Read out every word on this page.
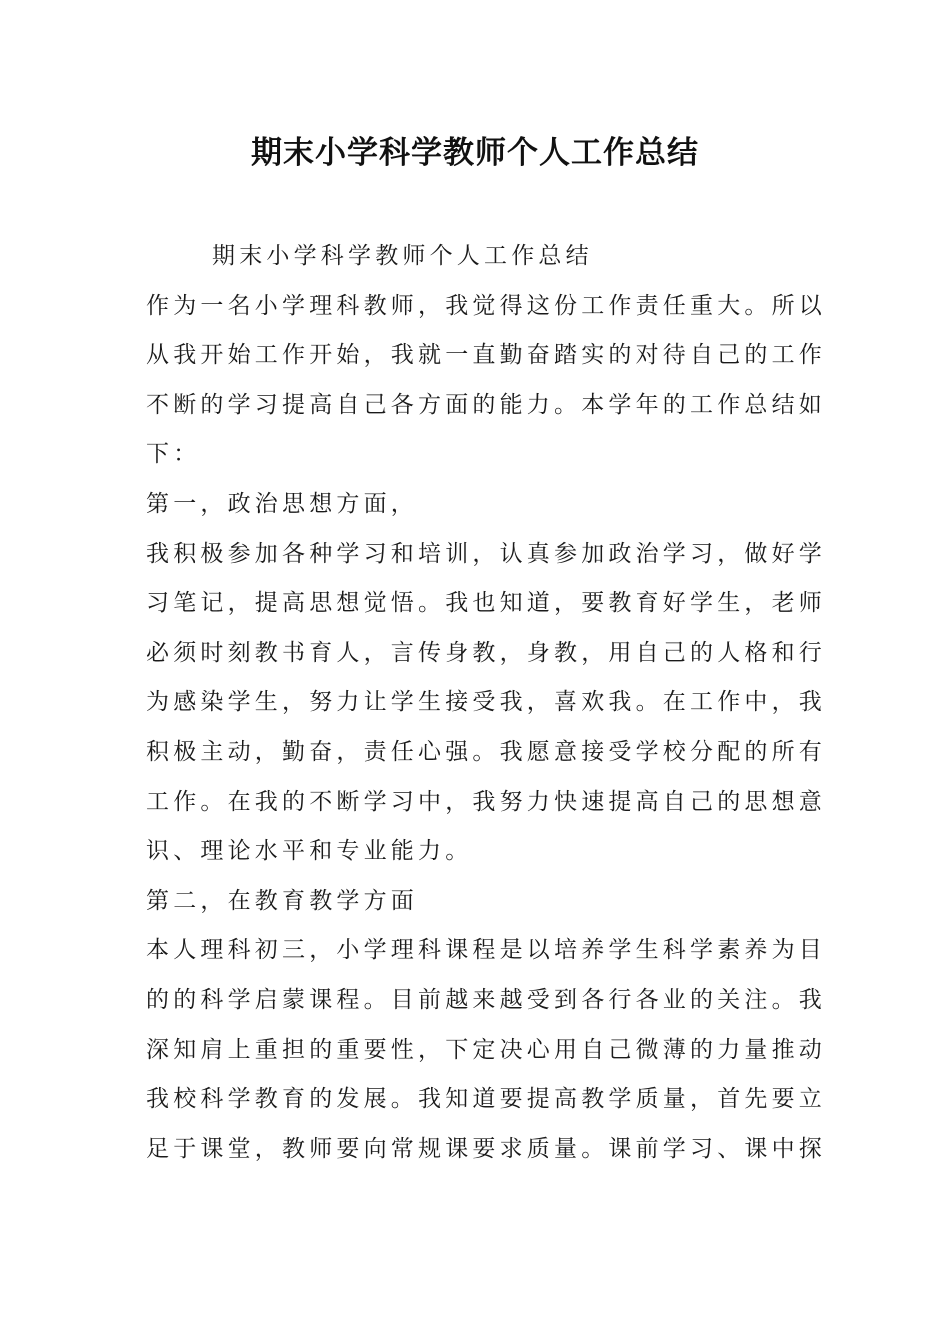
期末小学科学教师个人工作总结
期末小学科学教师个人工作总结
作为一名小学理科教师，我觉得这份工作责任重大。所以
从我开始工作开始，我就一直勤奋踏实的对待自己的工作
不断的学习提高自己各方面的能力。本学年的工作总结如
下：
第一，政治思想方面，
我积极参加各种学习和培训，认真参加政治学习，做好学
习笔记，提高思想觉悟。我也知道，要教育好学生，老师
必须时刻教书育人，言传身教，身教，用自己的人格和行
为感染学生，努力让学生接受我，喜欢我。在工作中，我
积极主动，勤奋，责任心强。我愿意接受学校分配的所有
工作。在我的不断学习中，我努力快速提高自己的思想意
识、理论水平和专业能力。
第二，在教育教学方面
本人理科初三，小学理科课程是以培养学生科学素养为目
的的科学启蒙课程。目前越来越受到各行各业的关注。我
深知肩上重担的重要性，下定决心用自己微薄的力量推动
我校科学教育的发展。我知道要提高教学质量，首先要立
足于课堂，教师要向常规课要求质量。课前学习、课中探
